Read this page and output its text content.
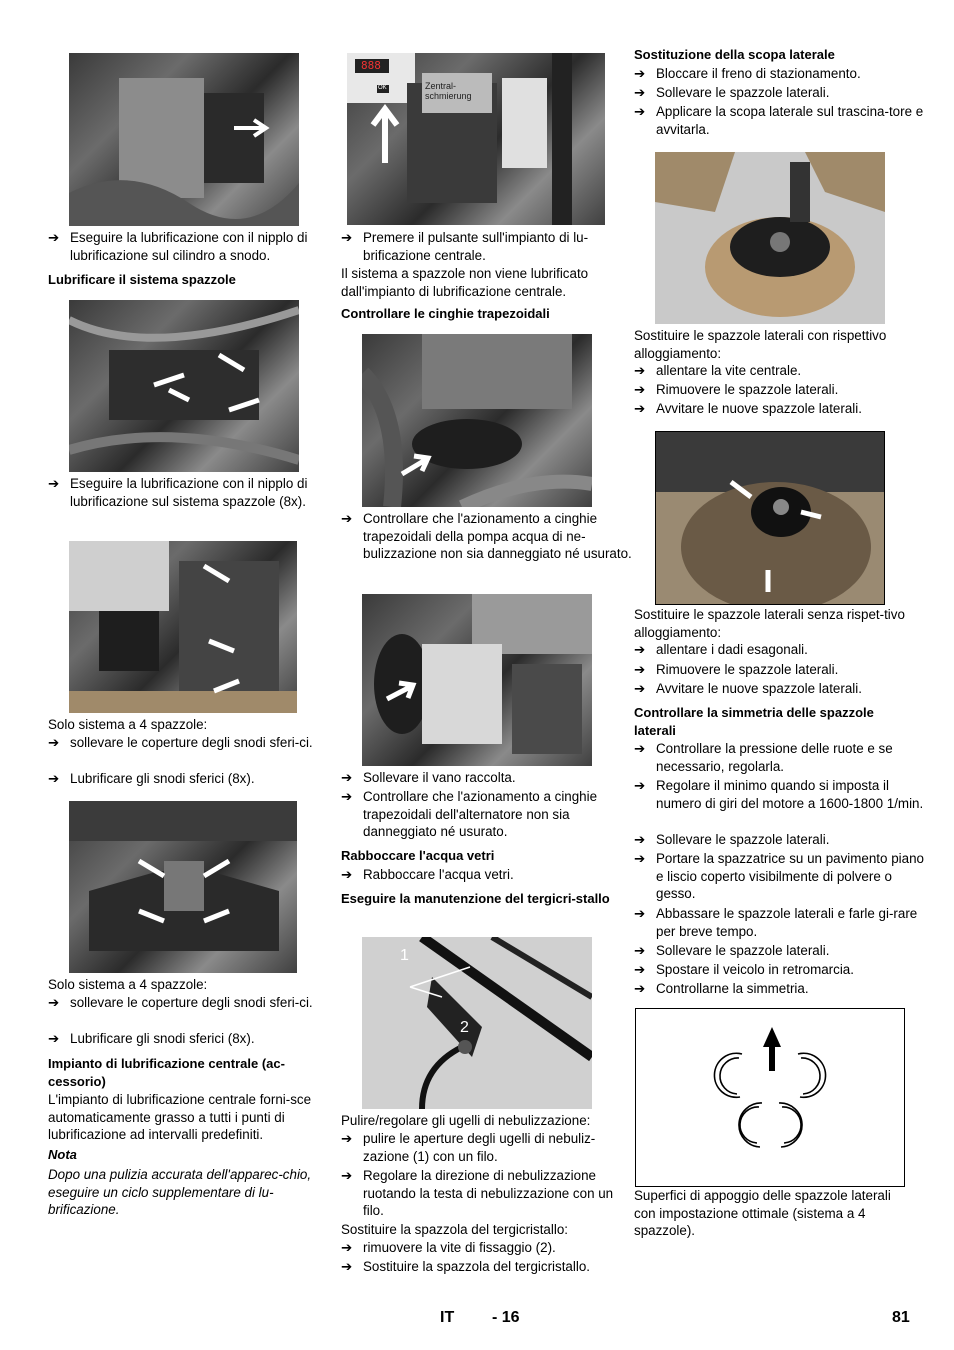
➔ Eseguire la lubrificazione con il nipplo di lubrificazione sul cilindro a snodo.
Lubrificare il sistema spazzole
➔ Eseguire la lubrificazione con il nipplo di lubrificazione sul sistema spazzole (8x).
Solo sistema a 4 spazzole:
➔ sollevare le coperture degli snodi sferi-ci.
➔ Lubrificare gli snodi sferici (8x).
Solo sistema a 4 spazzole:
➔ sollevare le coperture degli snodi sferi-ci.
➔ Lubrificare gli snodi sferici (8x).
Impianto di lubrificazione centrale (ac-cessorio)
L'impianto di lubrificazione centrale forni-sce automaticamente grasso a tutti i punti di lubrificazione ad intervalli predefiniti.
Nota
Dopo una pulizia accurata dell'apparec-chio, eseguire un ciclo supplementare di lu-brificazione.
888
OK	Zentral-
schmierung
➔ Premere il pulsante sull'impianto di lu-brificazione centrale.
Il sistema a spazzole non viene lubrificato dall'impianto di lubrificazione centrale.
Controllare le cinghie trapezoidali
➔ Controllare che l'azionamento a cinghie trapezoidali della pompa acqua di ne-bulizzazione non sia danneggiato né usurato.
➔ Sollevare il vano raccolta.
➔ Controllare che l'azionamento a cinghie trapezoidali dell'alternatore non sia danneggiato né usurato.
Rabboccare l'acqua vetri
➔ Rabboccare l'acqua vetri.
Eseguire la manutenzione del tergicri-stallo
1
2
Pulire/regolare gli ugelli di nebulizzazione:
➔ pulire le aperture degli ugelli di nebuliz-zazione (1) con un filo.
➔ Regolare la direzione di nebulizzazione ruotando la testa di nebulizzazione con un filo.
Sostituire la spazzola del tergicristallo:
➔ rimuovere la vite di fissaggio (2).
➔ Sostituire la spazzola del tergicristallo.
Sostituzione della scopa laterale
➔ Bloccare il freno di stazionamento.
➔ Sollevare le spazzole laterali.
➔ Applicare la scopa laterale sul trascina-tore e avvitarla.
Sostituire le spazzole laterali con rispettivo alloggiamento:
➔ allentare la vite centrale.
➔ Rimuovere le spazzole laterali.
➔ Avvitare le nuove spazzole laterali.
Sostituire le spazzole laterali senza rispet-tivo alloggiamento:
➔ allentare i dadi esagonali.
➔ Rimuovere le spazzole laterali.
➔ Avvitare le nuove spazzole laterali.
Controllare la simmetria delle spazzole laterali
➔ Controllare la pressione delle ruote e se necessario, regolarla.
➔ Regolare il minimo quando si imposta il numero di giri del motore a 1600-1800 1/min.
➔ Sollevare le spazzole laterali.
➔ Portare la spazzatrice su un pavimento piano e liscio coperto visibilmente di polvere o gesso.
➔ Abbassare le spazzole laterali e farle gi-rare per breve tempo.
➔ Sollevare le spazzole laterali.
➔ Spostare il veicolo in retromarcia.
➔ Controllarne la simmetria.
Superfici di appoggio delle spazzole laterali con impostazione ottimale (sistema a 4 spazzole).
IT - 16	81
